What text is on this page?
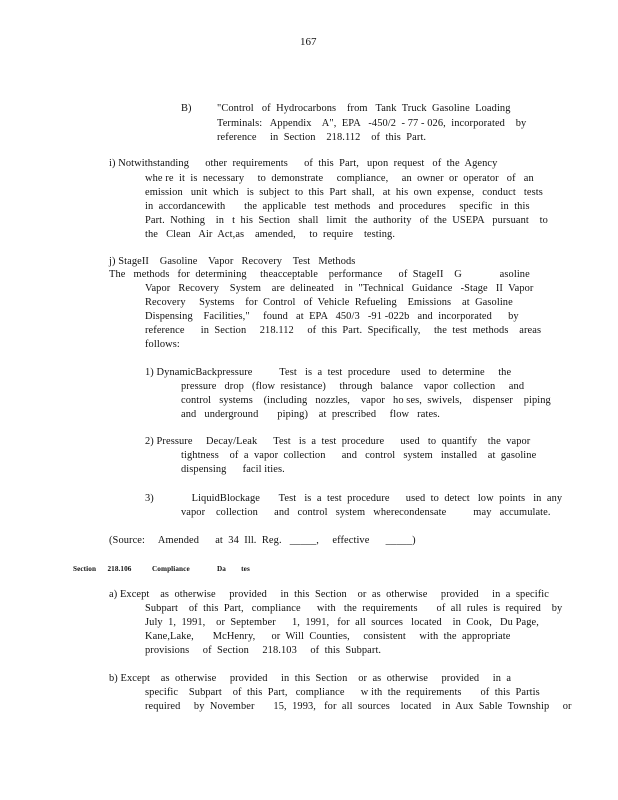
167
B) "Control   of  Hydrocarbons    from   Tank  Truck  Gasoline  Loading
Terminals:   Appendix    A",  EPA   -450/2  - 77 - 026,  incorporated    by
reference     in  Section    218.112    of  this  Part.
i) Notwithstanding      other  requirements      of  this  Part,   upon  request   of  the  Agency
whe re  it  is  necessary     to  demonstrate     compliance,     an  owner  or  operator   of   an
emission   unit  which   is  subject  to  this  Part  shall,   at  his  own  expense,   conduct   tests
in  accordancewith       the  applicable   test  methods   and  procedures     specific   in  this
Part.  Nothing    in   t  his  Section   shall   limit   the  authority   of  the  USEPA   pursuant    to
the   Clean   Air  Act,as    amended,     to  require    testing.
j) StageII    Gasoline    Vapor   Recovery    Test   Methods
The   methods   for  determining     theacceptable    performance      of  StageII    G              asoline
Vapor   Recovery    System    are  delineated    in  "Technical   Guidance   -Stage   II  Vapor
Recovery     Systems    for  Control   of  Vehicle  Refueling    Emissions    at  Gasoline
Dispensing    Facilities,"     found   at  EPA   450/3   -91 -022b   and  incorporated      by
reference      in  Section     218.112     of  this  Part.  Specifically,     the  test  methods    areas
follows:
1) DynamicBackpressure          Test   is  a  test  procedure    used   to  determine     the
pressure   drop   (flow  resistance)     through   balance    vapor  collection     and
control   systems    (including   nozzles,    vapor   ho ses,  swivels,    dispenser    piping
and   underground       piping)    at  prescribed     flow   rates.
2) Pressure     Decay/Leak      Test   is  a  test  procedure      used   to  quantify    the  vapor
tightness    of  a  vapor  collection      and   control   system   installed    at  gasoline
dispensing      facil ities.
3)              LiquidBlockage       Test   is  a  test  procedure      used  to  detect   low  points   in  any
vapor    collection      and   control   system   wherecondensate          may   accumulate.
(Source:     Amended      at  34  Ill.  Reg.   _____,     effective      _____)
Section      218.106	Compliance	Da        tes
a) Except    as  otherwise     provided     in  this  Section    or  as  otherwise     provided     in  a  specific
Subpart    of  this  Part,   compliance      with   the  requirements       of  all  rules  is  required    by
July  1,  1991,    or  September      1,  1991,   for  all  sources   located    in  Cook,   Du Page,
Kane,Lake,       McHenry,      or  Will  Counties,     consistent     with  the  appropriate
provisions     of  Section     218.103     of  this  Subpart.
b) Except    as  otherwise     provided     in  this  Section    or  as  otherwise     provided     in  a
specific    Subpart    of  this  Part,   compliance      w ith  the  requirements       of  this  Partis
required     by  November       15,  1993,   for  all  sources    located    in  Aux  Sable  Township     or
